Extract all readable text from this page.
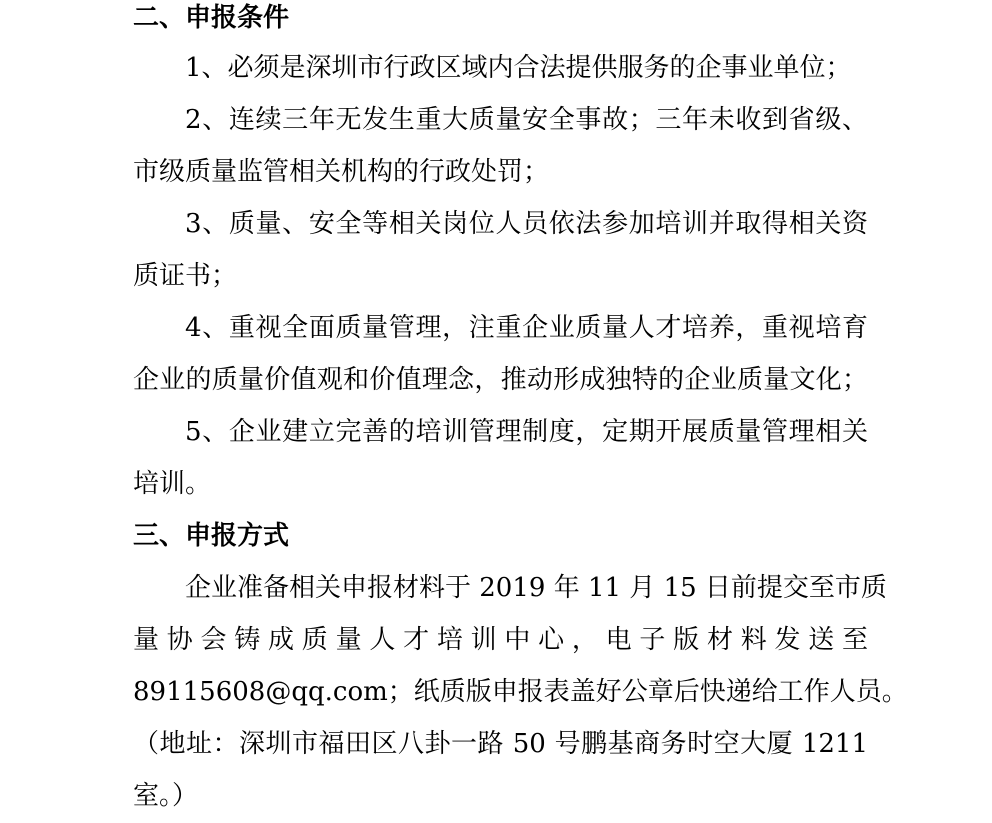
二、申报条件
1、必须是深圳市行政区域内合法提供服务的企事业单位；
2、连续三年无发生重大质量安全事故；三年未收到省级、
市级质量监管相关机构的行政处罚；
3、质量、安全等相关岗位人员依法参加培训并取得相关资
质证书；
4、重视全面质量管理，注重企业质量人才培养，重视培育
企业的质量价值观和价值理念，推动形成独特的企业质量文化；
5、企业建立完善的培训管理制度，定期开展质量管理相关
培训。
三、申报方式
企业准备相关申报材料于 2019 年 11 月 15 日前提交至市质
量协会铸成质量人才培训中心，电子版材料发送至
89115608@qq.com；纸质版申报表盖好公章后快递给工作人员。
（地址：深圳市福田区八卦一路 50 号鹏基商务时空大厦 1211
室。）
